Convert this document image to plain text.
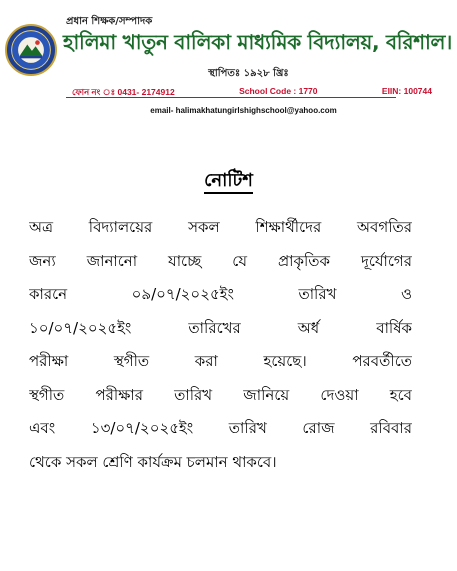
প্রধান শিক্ষক/সম্পাদক
হালিমা খাতুন বালিকা মাধ্যমিক বিদ্যালয়, বরিশাল।
স্থাপিতঃ ১৯২৮ খ্রিঃ
ফোন নং ঃ 0431- 2174912	School Code : 1770	EIIN: 100744
email- halimakhatungirlshighschool@yahoo.com
নোটিশ
অত্র বিদ্যালয়ের সকল শিক্ষার্থীদের অবগতির
জন্য জানানো যাচ্ছে যে প্রাকৃতিক দূর্যোগের
কারনে ০৯/০৭/২০২৫ইং তারিখ ও
১০/০৭/২০২৫ইং তারিখের অর্ধ বার্ষিক
পরীক্ষা স্থগীত করা হয়েছে। পরবর্তীতে
স্থগীত পরীক্ষার তারিখ জানিয়ে দেওয়া হবে
এবং ১৩/০৭/২০২৫ইং তারিখ রোজ রবিবার
থেকে সকল শ্রেণি কার্যক্রম চলমান থাকবে।
